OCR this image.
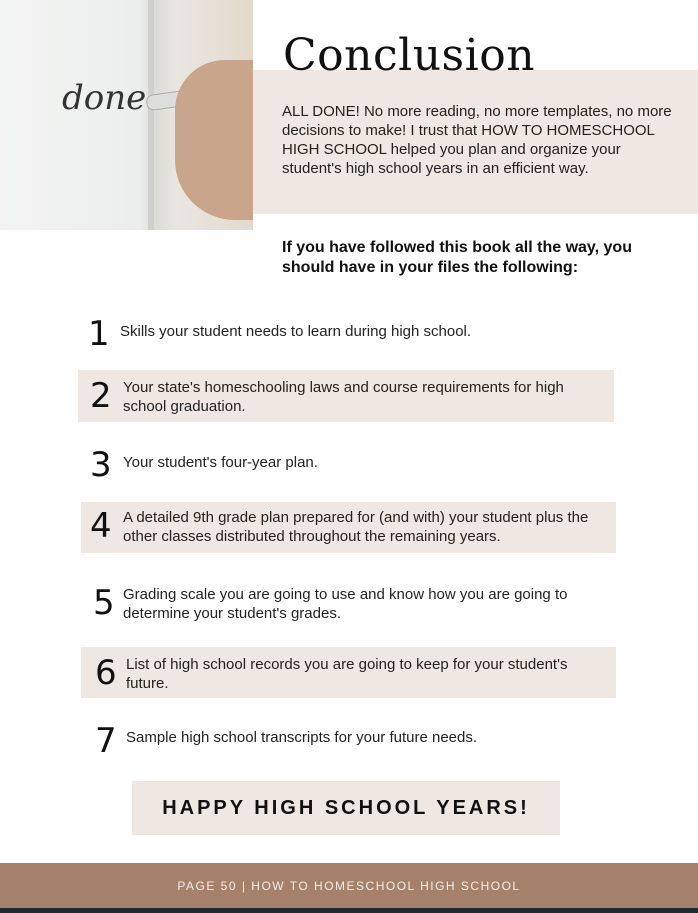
done
Conclusion
ALL DONE! No more reading, no more templates, no more decisions to make! I trust that HOW TO HOMESCHOOL HIGH SCHOOL helped you plan and organize your student's high school years in an efficient way.
If you have followed this book all the way, you should have in your files the following:
1 Skills your student needs to learn during high school.
2 Your state's homeschooling laws and course requirements for high school graduation.
3 Your student's four-year plan.
4 A detailed 9th grade plan prepared for (and with) your student plus the other classes distributed throughout the remaining years.
5 Grading scale you are going to use and know how you are going to determine your student's grades.
6 List of high school records you are going to keep for your student's future.
7 Sample high school transcripts for your future needs.
HAPPY HIGH SCHOOL YEARS!
PAGE 50 | HOW TO HOMESCHOOL HIGH SCHOOL
